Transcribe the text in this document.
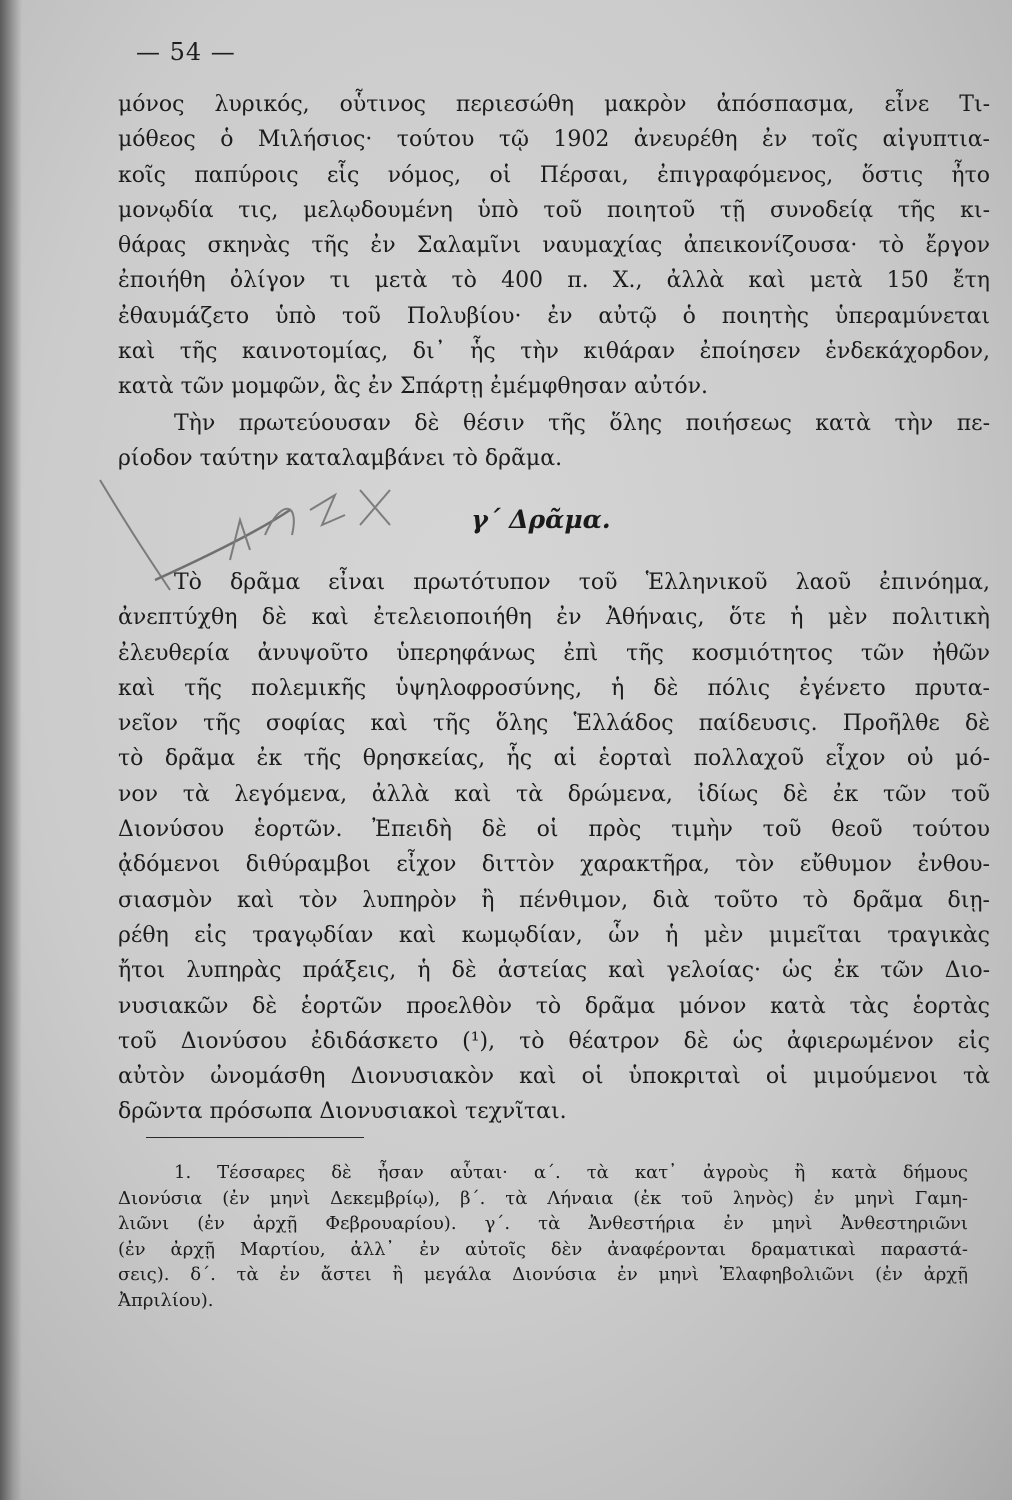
— 54 —
μόνος λυρικός, οὗτινος περιεσώθη μακρὸν ἀπόσπασμα, εἶνε Τι-
μόθεος ὁ Μιλήσιος· τούτου τῷ 1902 ἀνευρέθη ἐν τοῖς αἰγυπτια-
κοῖς παπύροις εἷς νόμος, οἱ Πέρσαι, ἐπιγραφόμενος, ὅστις ἦτο
μονῳδία τις, μελῳδουμένη ὑπὸ τοῦ ποιητοῦ τῇ συνοδείᾳ τῆς κι-
θάρας σκηνὰς τῆς ἐν Σαλαμῖνι ναυμαχίας ἀπεικονίζουσα· τὸ ἔργον
ἐποιήθη ὀλίγον τι μετὰ τὸ 400 π. Χ., ἀλλὰ καὶ μετὰ 150 ἔτη
ἐθαυμάζετο ὑπὸ τοῦ Πολυβίου· ἐν αὐτῷ ὁ ποιητὴς ὑπεραμύνεται
καὶ τῆς καινοτομίας, δι᾽ ἧς τὴν κιθάραν ἐποίησεν ἑνδεκάχορδον,
κατὰ τῶν μομφῶν, ἃς ἐν Σπάρτῃ ἐμέμφθησαν αὐτόν.
Τὴν πρωτεύουσαν δὲ θέσιν τῆς ὅλης ποιήσεως κατὰ τὴν πε-
ρίοδον ταύτην καταλαμβάνει τὸ δρᾶμα.
γ΄ Δρᾶμα.
Τὸ δρᾶμα εἶναι πρωτότυπον τοῦ Ἑλληνικοῦ λαοῦ ἐπινόημα,
ἀνεπτύχθη δὲ καὶ ἐτελειοποιήθη ἐν Ἀθήναις, ὅτε ἡ μὲν πολιτικὴ
ἐλευθερία ἀνυψοῦτο ὑπερηφάνως ἐπὶ τῆς κοσμιότητος τῶν ἠθῶν
καὶ τῆς πολεμικῆς ὑψηλοφροσύνης, ἡ δὲ πόλις ἐγένετο πρυτα-
νεῖον τῆς σοφίας καὶ τῆς ὅλης Ἑλλάδος παίδευσις. Προῆλθε δὲ
τὸ δρᾶμα ἐκ τῆς θρησκείας, ἧς αἱ ἑορταὶ πολλαχοῦ εἶχον οὐ μό-
νον τὰ λεγόμενα, ἀλλὰ καὶ τὰ δρώμενα, ἰδίως δὲ ἐκ τῶν τοῦ
Διονύσου ἑορτῶν. Ἐπειδὴ δὲ οἱ πρὸς τιμὴν τοῦ θεοῦ τούτου
ᾀδόμενοι διθύραμβοι εἶχον διττὸν χαρακτῆρα, τὸν εὔθυμον ἐνθου-
σιασμὸν καὶ τὸν λυπηρὸν ἢ πένθιμον, διὰ τοῦτο τὸ δρᾶμα διῃ-
ρέθη εἰς τραγῳδίαν καὶ κωμῳδίαν, ὧν ἡ μὲν μιμεῖται τραγικὰς
ἤτοι λυπηρὰς πράξεις, ἡ δὲ ἀστείας καὶ γελοίας· ὡς ἐκ τῶν Διο-
νυσιακῶν δὲ ἑορτῶν προελθὸν τὸ δρᾶμα μόνον κατὰ τὰς ἑορτὰς
τοῦ Διονύσου ἐδιδάσκετο (¹), τὸ θέατρον δὲ ὡς ἀφιερωμένον εἰς
αὐτὸν ὠνομάσθη Διονυσιακὸν καὶ οἱ ὑποκριταὶ οἱ μιμούμενοι τὰ
δρῶντα πρόσωπα Διονυσιακοὶ τεχνῖται.
1. Τέσσαρες δὲ ἦσαν αὗται· α΄. τὰ κατ᾽ ἀγροὺς ἢ κατὰ δήμους
Διονύσια (ἐν μηνὶ Δεκεμβρίῳ), β΄. τὰ Λήναια (ἐκ τοῦ ληνὸς) ἐν μηνὶ Γαμη-
λιῶνι (ἐν ἀρχῇ Φεβρουαρίου). γ΄. τὰ Ἀνθεστήρια ἐν μηνὶ Ἀνθεστηριῶνι
(ἐν ἀρχῇ Μαρτίου, ἀλλ᾽ ἐν αὐτοῖς δὲν ἀναφέρονται δραματικαὶ παραστά-
σεις). δ΄. τὰ ἐν ἄστει ἢ μεγάλα Διονύσια ἐν μηνὶ Ἐλαφηβολιῶνι (ἐν ἀρχῇ
Ἀπριλίου).
